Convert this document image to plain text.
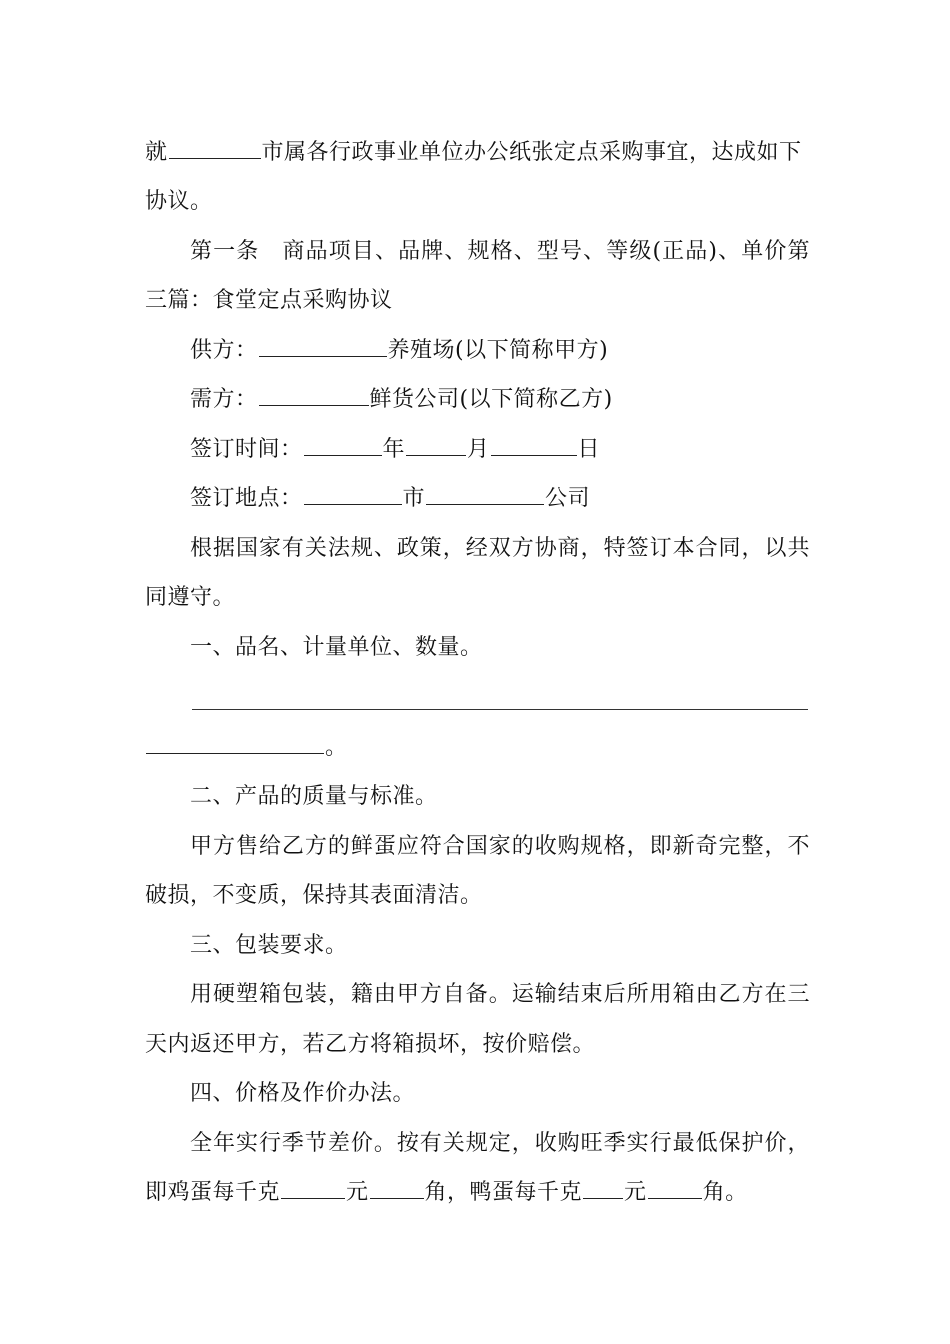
就	市属各行政事业单位办公纸张定点采购事宜，达成如下
协议。
第一条　商品项目、品牌、规格、型号、等级(正品)、单价第
三篇：食堂定点采购协议
供方：	养殖场(以下简称甲方)
需方：	鲜货公司(以下简称乙方)
签订时间：	年	月	日
签订地点：	市	公司
根据国家有关法规、政策，经双方协商，特签订本合同，以共
同遵守。
一、品名、计量单位、数量。
。
二、产品的质量与标准。
甲方售给乙方的鲜蛋应符合国家的收购规格，即新奇完整，不
破损，不变质，保持其表面清洁。
三、包装要求。
用硬塑箱包装，籍由甲方自备。运输结束后所用箱由乙方在三
天内返还甲方，若乙方将箱损坏，按价赔偿。
四、价格及作价办法。
全年实行季节差价。按有关规定，收购旺季实行最低保护价，
即鸡蛋每千克	元	角，鸭蛋每千克 元	角。
